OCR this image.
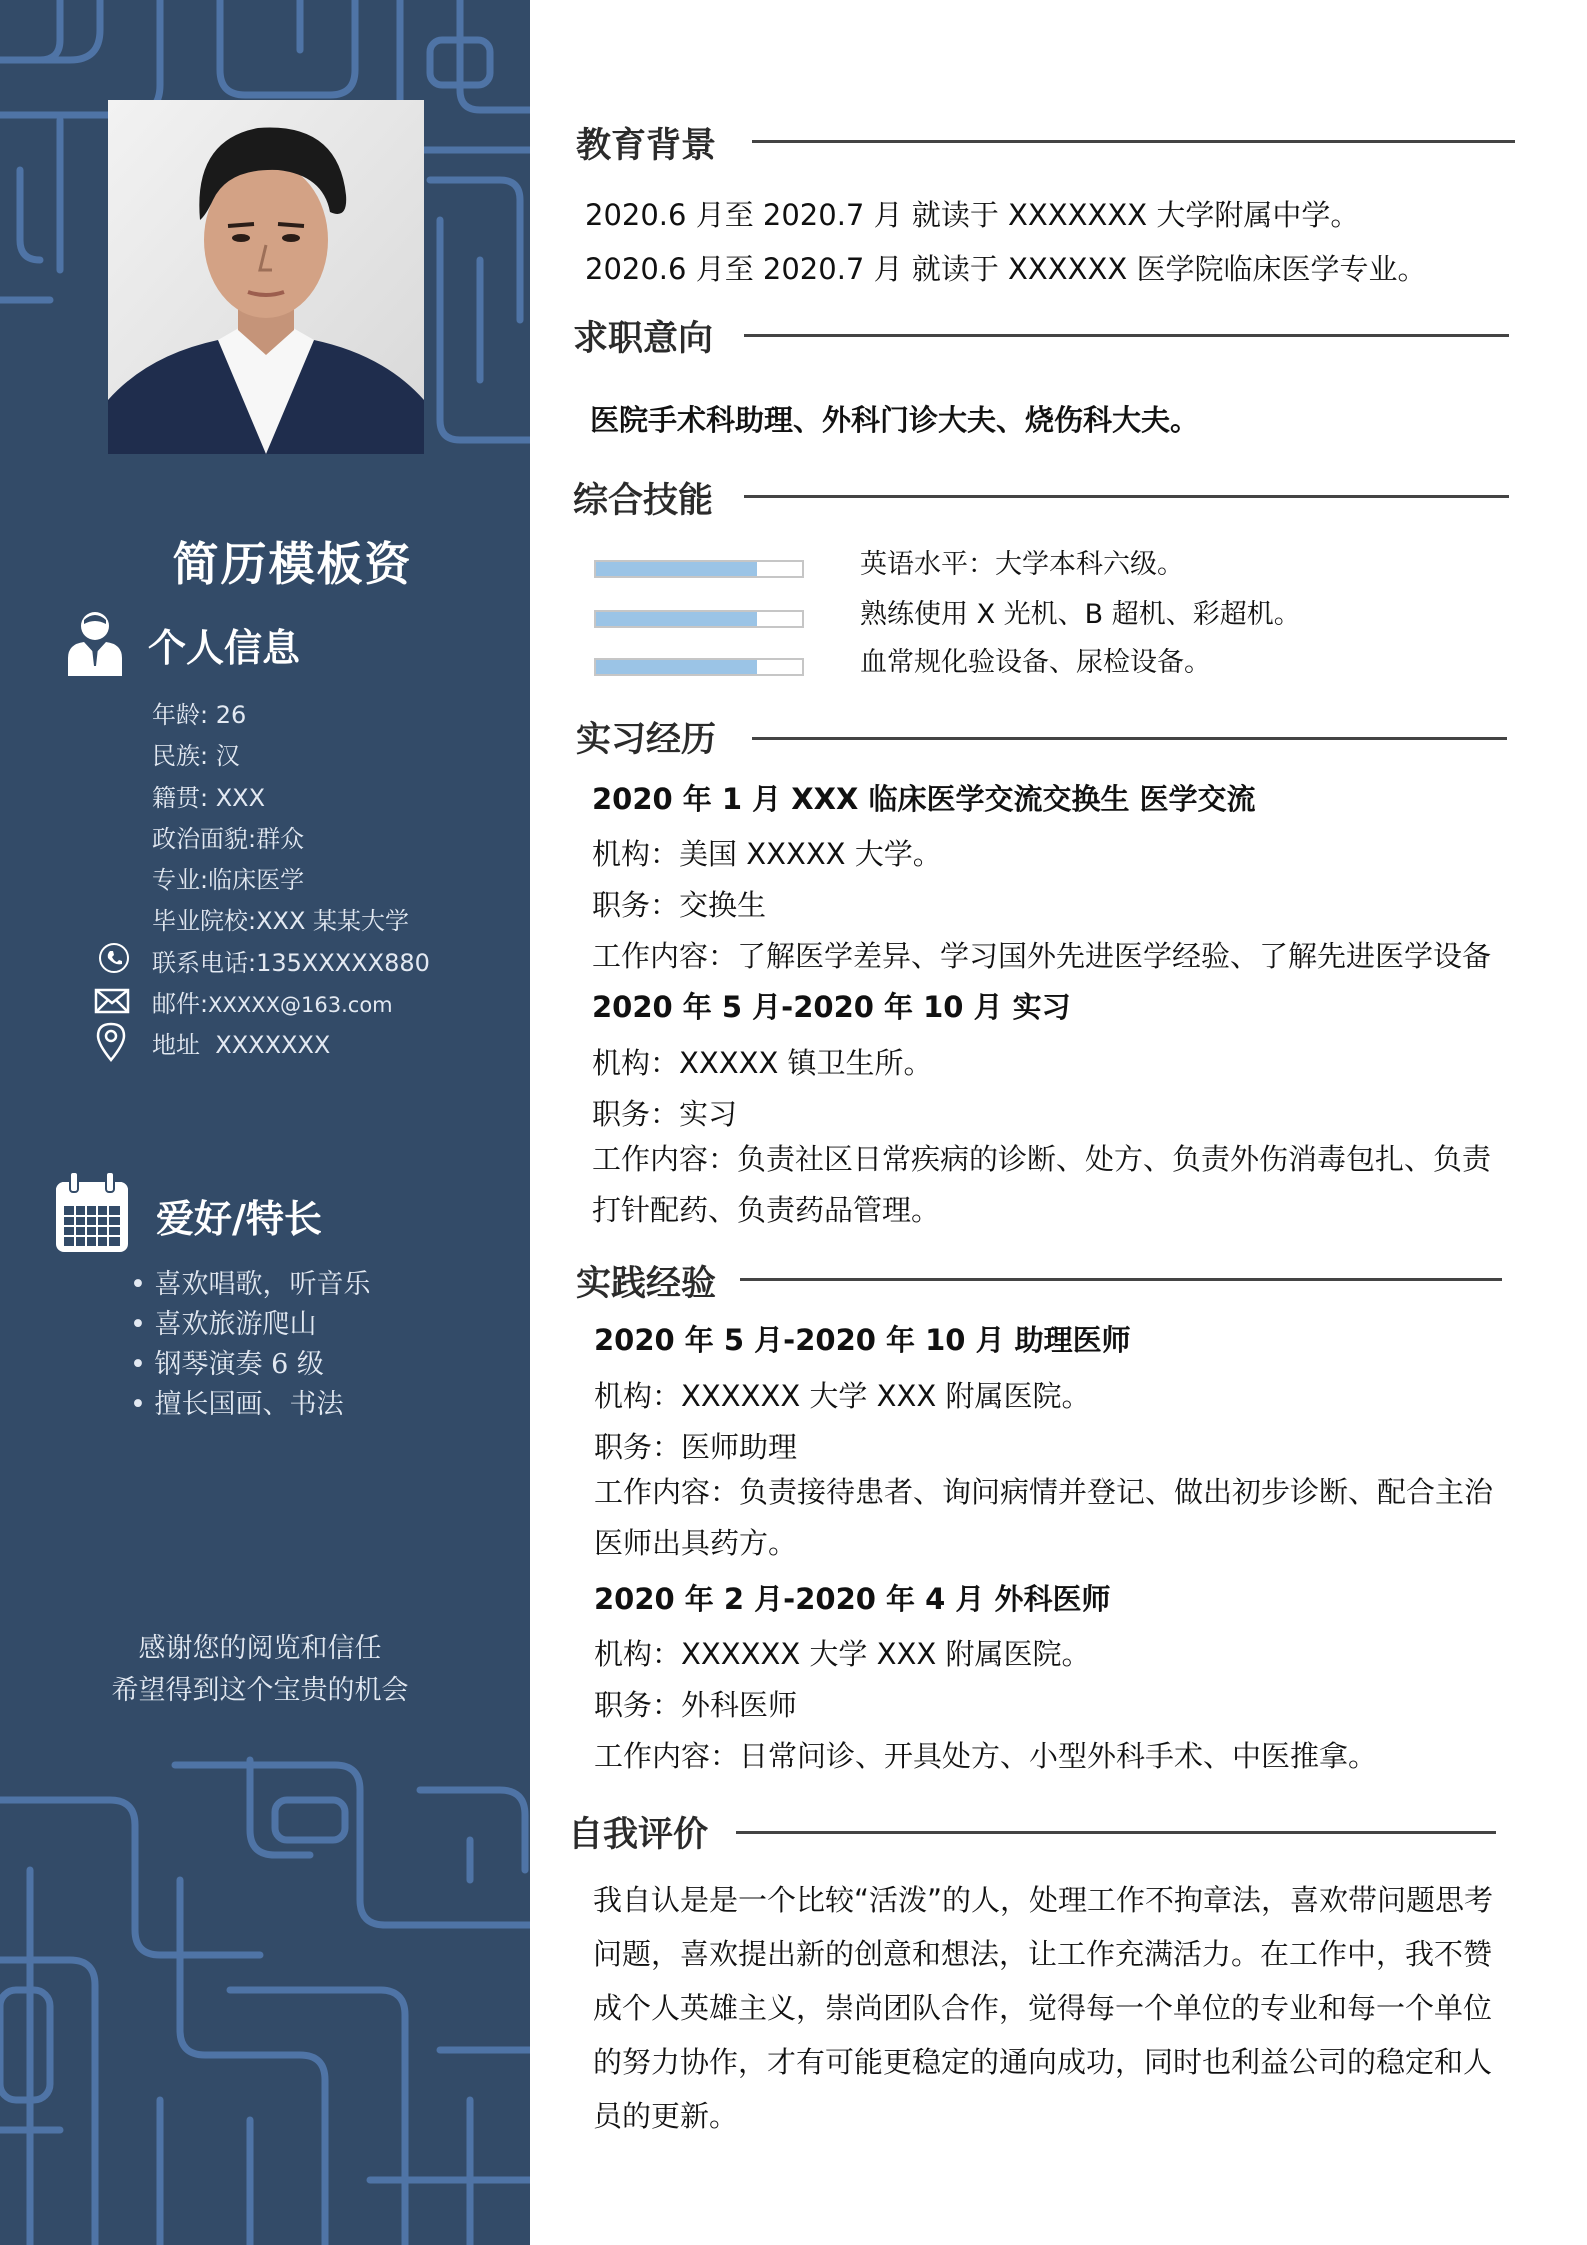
简历模板资
个人信息
年龄: 26
民族: 汉
籍贯: XXX
政治面貌:群众
专业:临床医学
毕业院校:XXX 某某大学
联系电话:135XXXXX880
邮件:XXXXX@163.com
地址 XXXXXXX
爱好/特长
• 喜欢唱歌，听音乐
• 喜欢旅游爬山
• 钢琴演奏 6 级
• 擅长国画、书法
感谢您的阅览和信任
希望得到这个宝贵的机会
教育背景
2020.6 月至 2020.7 月 就读于 XXXXXXX 大学附属中学。
2020.6 月至 2020.7 月 就读于 XXXXXX 医学院临床医学专业。
求职意向
医院手术科助理、外科门诊大夫、烧伤科大夫。
综合技能
英语水平：大学本科六级。
熟练使用 X 光机、B 超机、彩超机。
血常规化验设备、尿检设备。
实习经历
2020 年 1 月 XXX 临床医学交流交换生 医学交流
机构：美国 XXXXX 大学。
职务：交换生
工作内容：了解医学差异、学习国外先进医学经验、了解先进医学设备
2020 年 5 月-2020 年 10 月 实习
机构：XXXXX 镇卫生所。
职务：实习
工作内容：负责社区日常疾病的诊断、处方、负责外伤消毒包扎、负责打针配药、负责药品管理。
实践经验
2020 年 5 月-2020 年 10 月 助理医师
机构：XXXXXX 大学 XXX 附属医院。
职务：医师助理
工作内容：负责接待患者、询问病情并登记、做出初步诊断、配合主治医师出具药方。
2020 年 2 月-2020 年 4 月 外科医师
机构：XXXXXX 大学 XXX 附属医院。
职务：外科医师
工作内容：日常问诊、开具处方、小型外科手术、中医推拿。
自我评价
我自认是是一个比较“活泼”的人，处理工作不拘章法，喜欢带问题思考问题，喜欢提出新的创意和想法，让工作充满活力。在工作中，我不赞成个人英雄主义，崇尚团队合作，觉得每一个单位的专业和每一个单位的努力协作，才有可能更稳定的通向成功，同时也利益公司的稳定和人员的更新。
